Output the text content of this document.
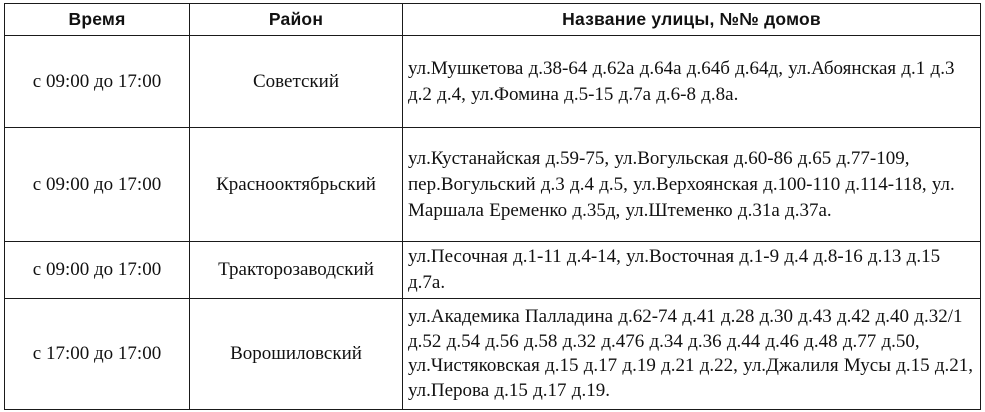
Время	Район	Название улицы, №№ домов
с 09:00 до 17:00	Советский	ул.Мушкетова д.38-64 д.62а д.64а д.64б д.64д, ул.Абоянская д.1 д.3 д.2 д.4, ул.Фомина д.5-15 д.7а д.6-8 д.8а.
с 09:00 до 17:00	Краснооктябрьский	ул.Кустанайская д.59-75, ул.Вогульская д.60-86 д.65 д.77-109, пер.Вогульский д.3 д.4 д.5, ул.Верхоянская д.100-110 д.114-118, ул. Маршала Еременко д.35д, ул.Штеменко д.31а д.37а.
с 09:00 до 17:00	Тракторозаводский	ул.Песочная д.1-11 д.4-14, ул.Восточная д.1-9 д.4 д.8-16 д.13 д.15 д.7а.
с 17:00 до 17:00	Ворошиловский	ул.Академика Палладина д.62-74 д.41 д.28 д.30 д.43 д.42 д.40 д.32/1 д.52 д.54 д.56 д.58 д.32 д.476 д.34 д.36 д.44 д.46 д.48 д.77 д.50, ул.Чистяковская д.15 д.17 д.19 д.21 д.22, ул.Джалиля Мусы д.15 д.21, ул.Перова д.15 д.17 д.19.
